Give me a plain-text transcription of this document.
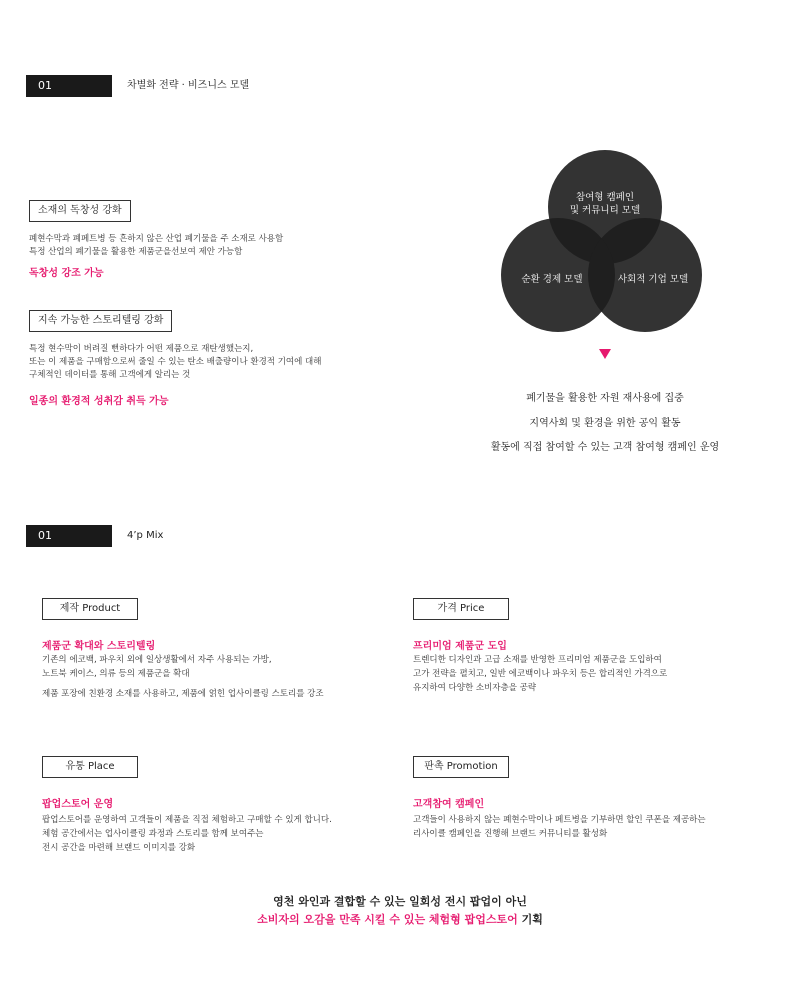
01 Discover
차별화 전략 · 비즈니스 모델
소재의 독창성 강화
폐현수막과 폐페트병 등 흔하지 않은 산업 폐기물을 주 소재로 사용함
특정 산업의 폐기물을 활용한 제품군을선보여 제안 가능함
독창성 강조 가능
지속 가능한 스토리텔링 강화
특정 현수막이 버려질 뻔하다가 어떤 제품으로 재탄생했는지,
또는 이 제품을 구매함으로써 줄일 수 있는 탄소 배출량이나 환경적 기여에 대해
구체적인 데이터를 통해 고객에게 알리는 것
일종의 환경적 성취감 취득 가능
참여형 캠페인
및 커뮤니티 모델
순환 경제 모델	사회적 기업 모델
폐기물을 활용한 자원 재사용에 집중
지역사회 및 환경을 위한 공익 활동
활동에 직접 참여할 수 있는 고객 참여형 캠페인 운영
01 Discover
4’p Mix
제작 Product
제품군 확대와 스토리텔링
기존의 에코백, 파우치 외에 일상생활에서 자주 사용되는 가방,
노트북 케이스, 의류 등의 제품군을 확대
제품 포장에 친환경 소재를 사용하고, 제품에 얽힌 업사이클링 스토리를 강조
가격 Price
프리미엄 제품군 도입
트렌디한 디자인과 고급 소재를 반영한 프리미엄 제품군을 도입하여
고가 전략을 펼치고, 일반 에코백이나 파우치 등은 합리적인 가격으로
유지하여 다양한 소비자층을 공략
유통 Place
팝업스토어 운영
팝업스토어를 운영하여 고객들이 제품을 직접 체험하고 구매할 수 있게 합니다.
체험 공간에서는 업사이클링 과정과 스토리를 함께 보여주는
전시 공간을 마련해 브랜드 이미지를 강화
판촉 Promotion
고객참여 캠페인
고객들이 사용하지 않는 폐현수막이나 페트병을 기부하면 할인 쿠폰을 제공하는
리사이클 캠페인을 진행해 브랜드 커뮤니티를 활성화
영천 와인과 결합할 수 있는 일회성 전시 팝업이 아닌
소비자의 오감을 만족 시킬 수 있는 체험형 팝업스토어 기획
